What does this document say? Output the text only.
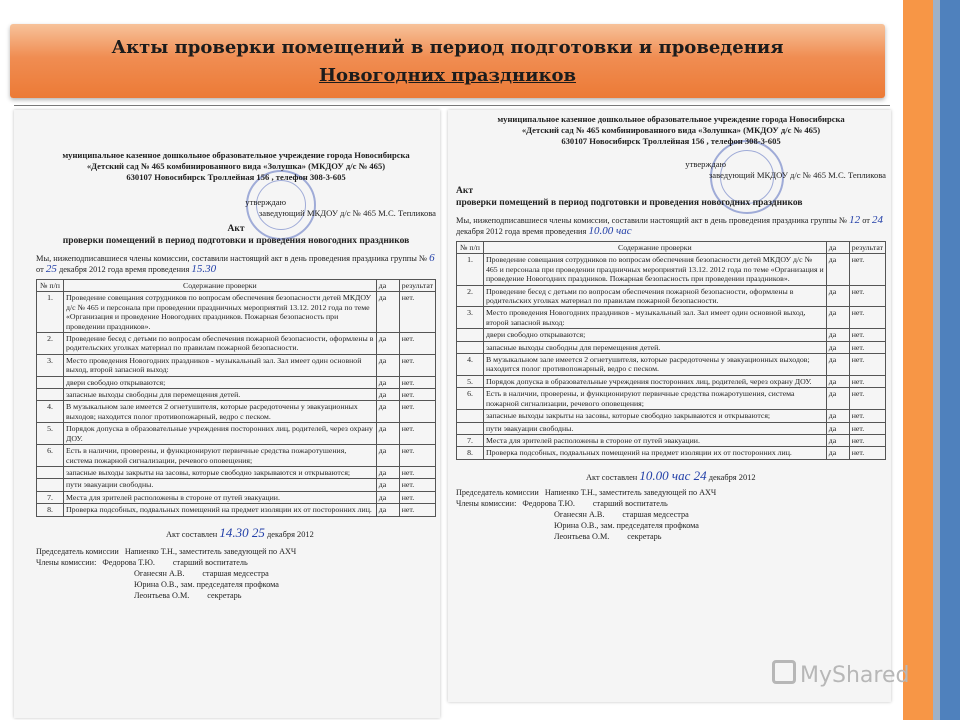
Акты проверки помещений в период подготовки и проведения
Новогодних праздников
муниципальное казенное дошкольное образовательное учреждение города Новосибирска
«Детский сад № 465 комбинированного вида «Золушка» (МКДОУ д/с № 465)
630107 Новосибирск Троллейная 156 , телефон 308-3-605
утверждаю
заведующий МКДОУ д/с № 465 М.С. Тепликова
Акт
проверки помещений в период подготовки и проведения новогодних праздников
Мы, нижеподписавшиеся члены комиссии, составили настоящий акт в день проведения праздника группы № 6 от 25 декабря 2012 года время проведения 15.30
№ п/п	Содержание проверки	да	результат
1.	Проведение совещания сотрудников по вопросам обеспечения безопасности детей МКДОУ д/с № 465 и персонала при проведении праздничных мероприятий 13.12. 2012 года по теме «Организация и проведение Новогодних праздников. Пожарная безопасность при проведении праздников».	да	нет.
2.	Проведение бесед с детьми по вопросам обеспечения пожарной безопасности, оформлены в родительских уголках материал по правилам пожарной безопасности.	да	нет.
3.	Место проведения Новогодних праздников - музыкальный зал. Зал имеет один основной выход, второй запасной выход:	да	нет.
	двери свободно открываются;	да	нет.
	запасные выходы свободны для перемещения детей.	да	нет.
4.	В музыкальном зале имеется 2 огнетушителя, которые расредоточены у эвакуационных выходов; находится полог противопожарный, ведро с песком.	да	нет.
5.	Порядок допуска в образовательные учреждения посторонних лиц, родителей, через охрану ДОУ.	да	нет.
6.	Есть в наличии, проверены, и функционируют первичные средства пожаротушения, система пожарной сигнализации, речевого оповещения;	да	нет.
	запасные выходы закрыты на засовы, которые свободно закрываются и открываются;	да	нет.
	пути эвакуации свободны.	да	нет.
7.	Места для зрителей расположены в стороне от путей эвакуации.	да	нет.
8.	Проверка подсобных, подвальных помещений на предмет изоляции их от посторонних лиц.	да	нет.
Акт составлен 14.30 25 декабря 2012
Председатель комиссии Напиенко Т.Н., заместитель заведующей по АХЧ
Члены комиссии: Федорова Т.Ю. старший воспитатель
Оганесян А.В. старшая медсестра
Юрина О.В., зам. председателя профкома
Леонтьева О.М. секретарь
муниципальное казенное дошкольное образовательное учреждение города Новосибирска
«Детский сад № 465 комбинированного вида «Золушка» (МКДОУ д/с № 465)
630107 Новосибирск Троллейная 156 , телефон 308-3-605
утверждаю
заведующий МКДОУ д/с № 465 М.С. Тепликова
Акт
проверки помещений в период подготовки и проведения новогодних праздников
Мы, нижеподписавшиеся члены комиссии, составили настоящий акт в день проведения праздника группы № 12 от 24 декабря 2012 года время проведения 10.00 час
№ п/п	Содержание проверки	да	результат
1.	Проведение совещания сотрудников по вопросам обеспечения безопасности детей МКДОУ д/с № 465 и персонала при проведении праздничных мероприятий 13.12. 2012 года по теме «Организация и проведение Новогодних праздников. Пожарная безопасность при проведении праздников».	да	нет.
2.	Проведение бесед с детьми по вопросам обеспечения пожарной безопасности, оформлены в родительских уголках материал по правилам пожарной безопасности.	да	нет.
3.	Место проведения Новогодних праздников - музыкальный зал. Зал имеет один основной выход, второй запасной выход:	да	нет.
	двери свободно открываются;	да	нет.
	запасные выходы свободны для перемещения детей.	да	нет.
4.	В музыкальном зале имеется 2 огнетушителя, которые расредоточены у эвакуационных выходов; находится полог противопожарный, ведро с песком.	да	нет.
5.	Порядок допуска в образовательные учреждения посторонних лиц, родителей, через охрану ДОУ.	да	нет.
6.	Есть в наличии, проверены, и функционируют первичные средства пожаротушения, система пожарной сигнализации, речевого оповещения;	да	нет.
	запасные выходы закрыты на засовы, которые свободно закрываются и открываются;	да	нет.
	пути эвакуации свободны.	да	нет.
7.	Места для зрителей расположены в стороне от путей эвакуации.	да	нет.
8.	Проверка подсобных, подвальных помещений на предмет изоляции их от посторонних лиц.	да	нет.
Акт составлен 10.00 час 24 декабря 2012
Председатель комиссии Напиенко Т.Н., заместитель заведующей по АХЧ
Члены комиссии: Федорова Т.Ю. старший воспитатель
Оганесян А.В. старшая медсестра
Юрина О.В., зам. председателя профкома
Леонтьева О.М. секретарь
MyShared
